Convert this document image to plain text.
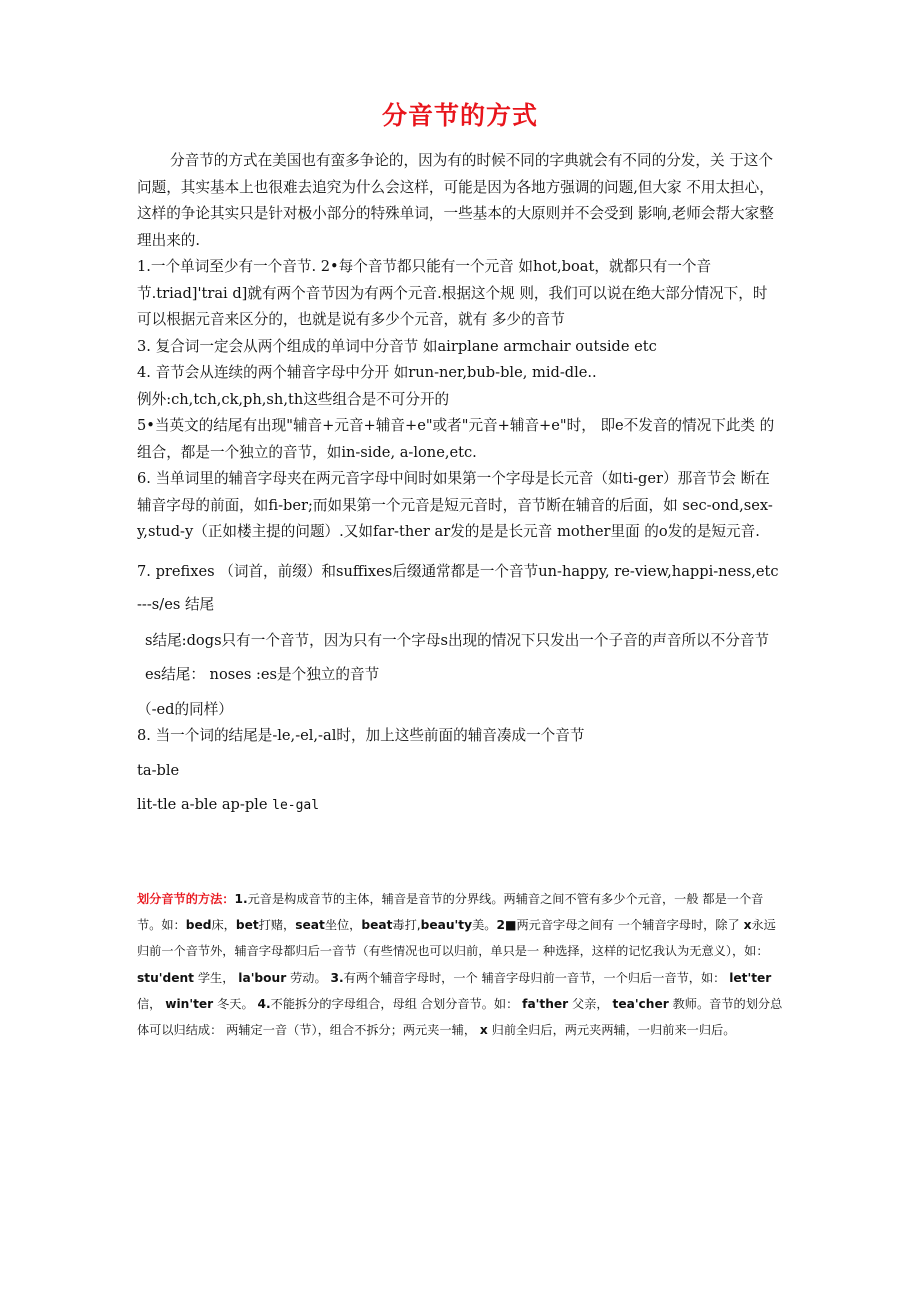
分音节的方式

分音节的方式在美国也有蛮多争论的，因为有的时候不同的字典就会有不同的分发，关 于这个问题，其实基本上也很难去追究为什么会这样，可能是因为各地方强调的问题,但大家 不用太担心，这样的争论其实只是针对极小部分的特殊单词，一些基本的大原则并不会受到 影响,老师会帮大家整理出来的.

1.一个单词至少有一个音节. 2•每个音节都只能有一个元音 如hot,boat，就都只有一个音节.triad]'trai d]就有两个音节因为有两个元音.根据这个规 则，我们可以说在绝大部分情况下，时可以根据元音来区分的，也就是说有多少个元音，就有 多少的音节

3. 复合词一定会从两个组成的单词中分音节 如airplane armchair outside etc

4. 音节会从连续的两个辅音字母中分开 如run-ner,bub-ble, mid-dle..

例外:ch,tch,ck,ph,sh,th这些组合是不可分开的

5•当英文的结尾有出现"辅音+元音+辅音+e"或者"元音+辅音+e"时， 即e不发音的情况下此类 的组合，都是一个独立的音节，如in-side, a-lone,etc.

6. 当单词里的辅音字母夹在两元音字母中间时如果第一个字母是长元音（如ti-ger）那音节会 断在辅音字母的前面，如fi-ber;而如果第一个元音是短元音时，音节断在辅音的后面，如 sec-ond,sex-y,stud-y（正如楼主提的问题）.又如far-ther ar发的是是长元音 mother里面 的o发的是短元音.

7. prefixes （词首，前缀）和suffixes后缀通常都是一个音节un-happy, re-view,happi-ness,etc

---s/es 结尾

s结尾:dogs只有一个音节，因为只有一个字母s出现的情况下只发出一个子音的声音所以不分音节

es结尾： noses :es是个独立的音节

（-ed的同样）

8. 当一个词的结尾是-le,-el,-al时，加上这些前面的辅音凑成一个音节

ta-ble

lit-tle a-ble ap-ple le-gal

划分音节的方法：1.元音是构成音节的主体，辅音是音节的分界线。两辅音之间不管有多少个元音，一般 都是一个音节。如：bed床，bet打赌，seat坐位，beat毒打,beau'ty美。2■两元音字母之间有 一个辅音字母时，除了 x永远归前一个音节外，辅音字母都归后一音节（有些情况也可以归前，单只是一 种选择，这样的记忆我认为无意义），如： stu'dent 学生， la'bour 劳动。 3.有两个辅音字母时，一个 辅音字母归前一音节，一个归后一音节，如： let'ter 信， win'ter 冬天。 4.不能拆分的字母组合，母组 合划分音节。如： fa'ther 父亲， tea'cher 教师。音节的划分总体可以归结成： 两辅定一音（节），组合不拆分；两元夹一辅， x 归前全归后，两元夹两辅，一归前来一归后。
